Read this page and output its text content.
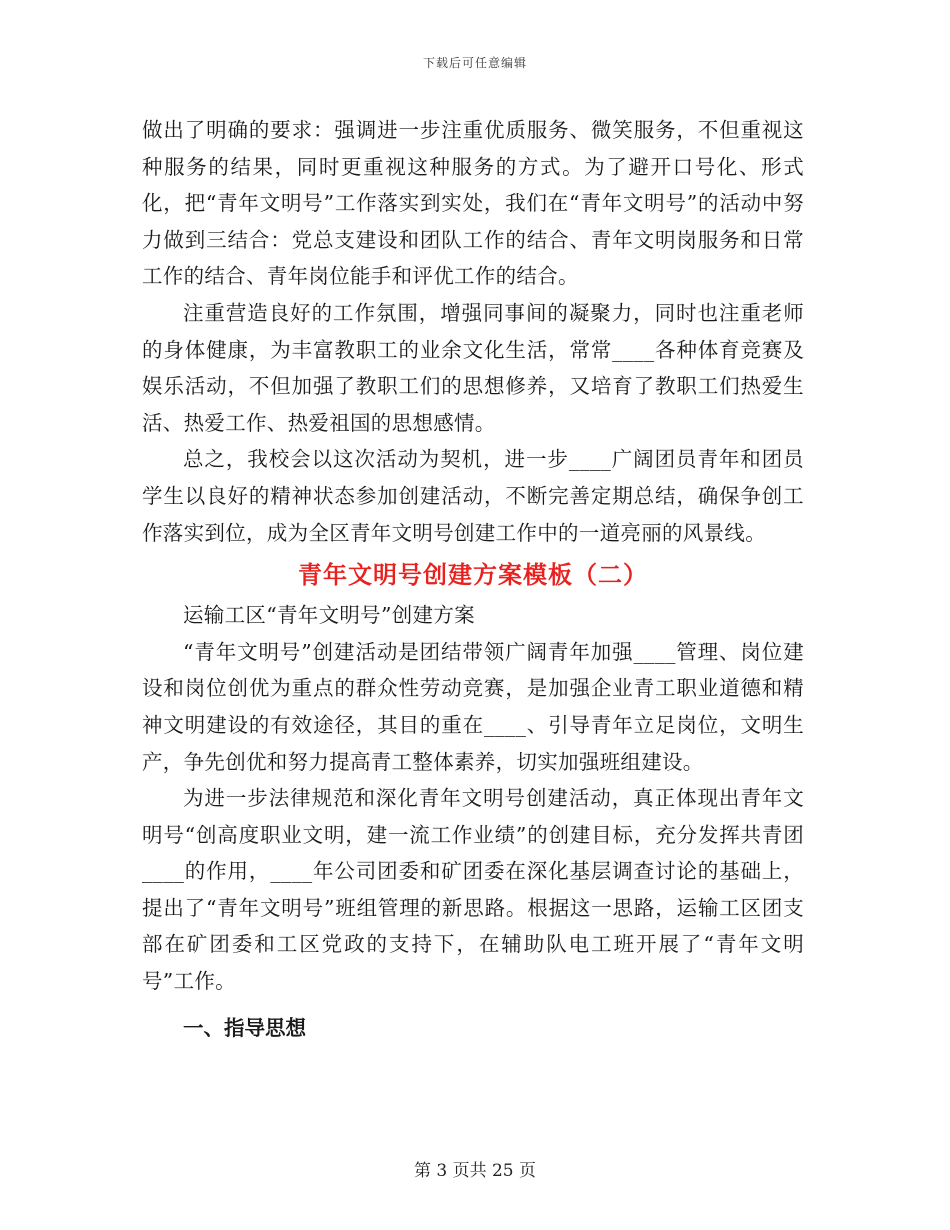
下载后可任意编辑

做出了明确的要求：强调进一步注重优质服务、微笑服务，不但重视这种服务的结果，同时更重视这种服务的方式。为了避开口号化、形式化，把“青年文明号”工作落实到实处，我们在“青年文明号”的活动中努力做到三结合：党总支建设和团队工作的结合、青年文明岗服务和日常工作的结合、青年岗位能手和评优工作的结合。

注重营造良好的工作氛围，增强同事间的凝聚力，同时也注重老师的身体健康，为丰富教职工的业余文化生活，常常____各种体育竞赛及娱乐活动，不但加强了教职工们的思想修养，又培育了教职工们热爱生活、热爱工作、热爱祖国的思想感情。

总之，我校会以这次活动为契机，进一步____广阔团员青年和团员学生以良好的精神状态参加创建活动，不断完善定期总结，确保争创工作落实到位，成为全区青年文明号创建工作中的一道亮丽的风景线。

青年文明号创建方案模板（二）

运输工区“青年文明号”创建方案

“青年文明号”创建活动是团结带领广阔青年加强____管理、岗位建设和岗位创优为重点的群众性劳动竞赛，是加强企业青工职业道德和精神文明建设的有效途径，其目的重在____、引导青年立足岗位，文明生产，争先创优和努力提高青工整体素养，切实加强班组建设。

为进一步法律规范和深化青年文明号创建活动，真正体现出青年文明号“创高度职业文明，建一流工作业绩”的创建目标，充分发挥共青团____的作用，____年公司团委和矿团委在深化基层调查讨论的基础上，提出了“青年文明号”班组管理的新思路。根据这一思路，运输工区团支部在矿团委和工区党政的支持下，在辅助队电工班开展了“青年文明号”工作。

一、指导思想
第 3 页共 25 页
